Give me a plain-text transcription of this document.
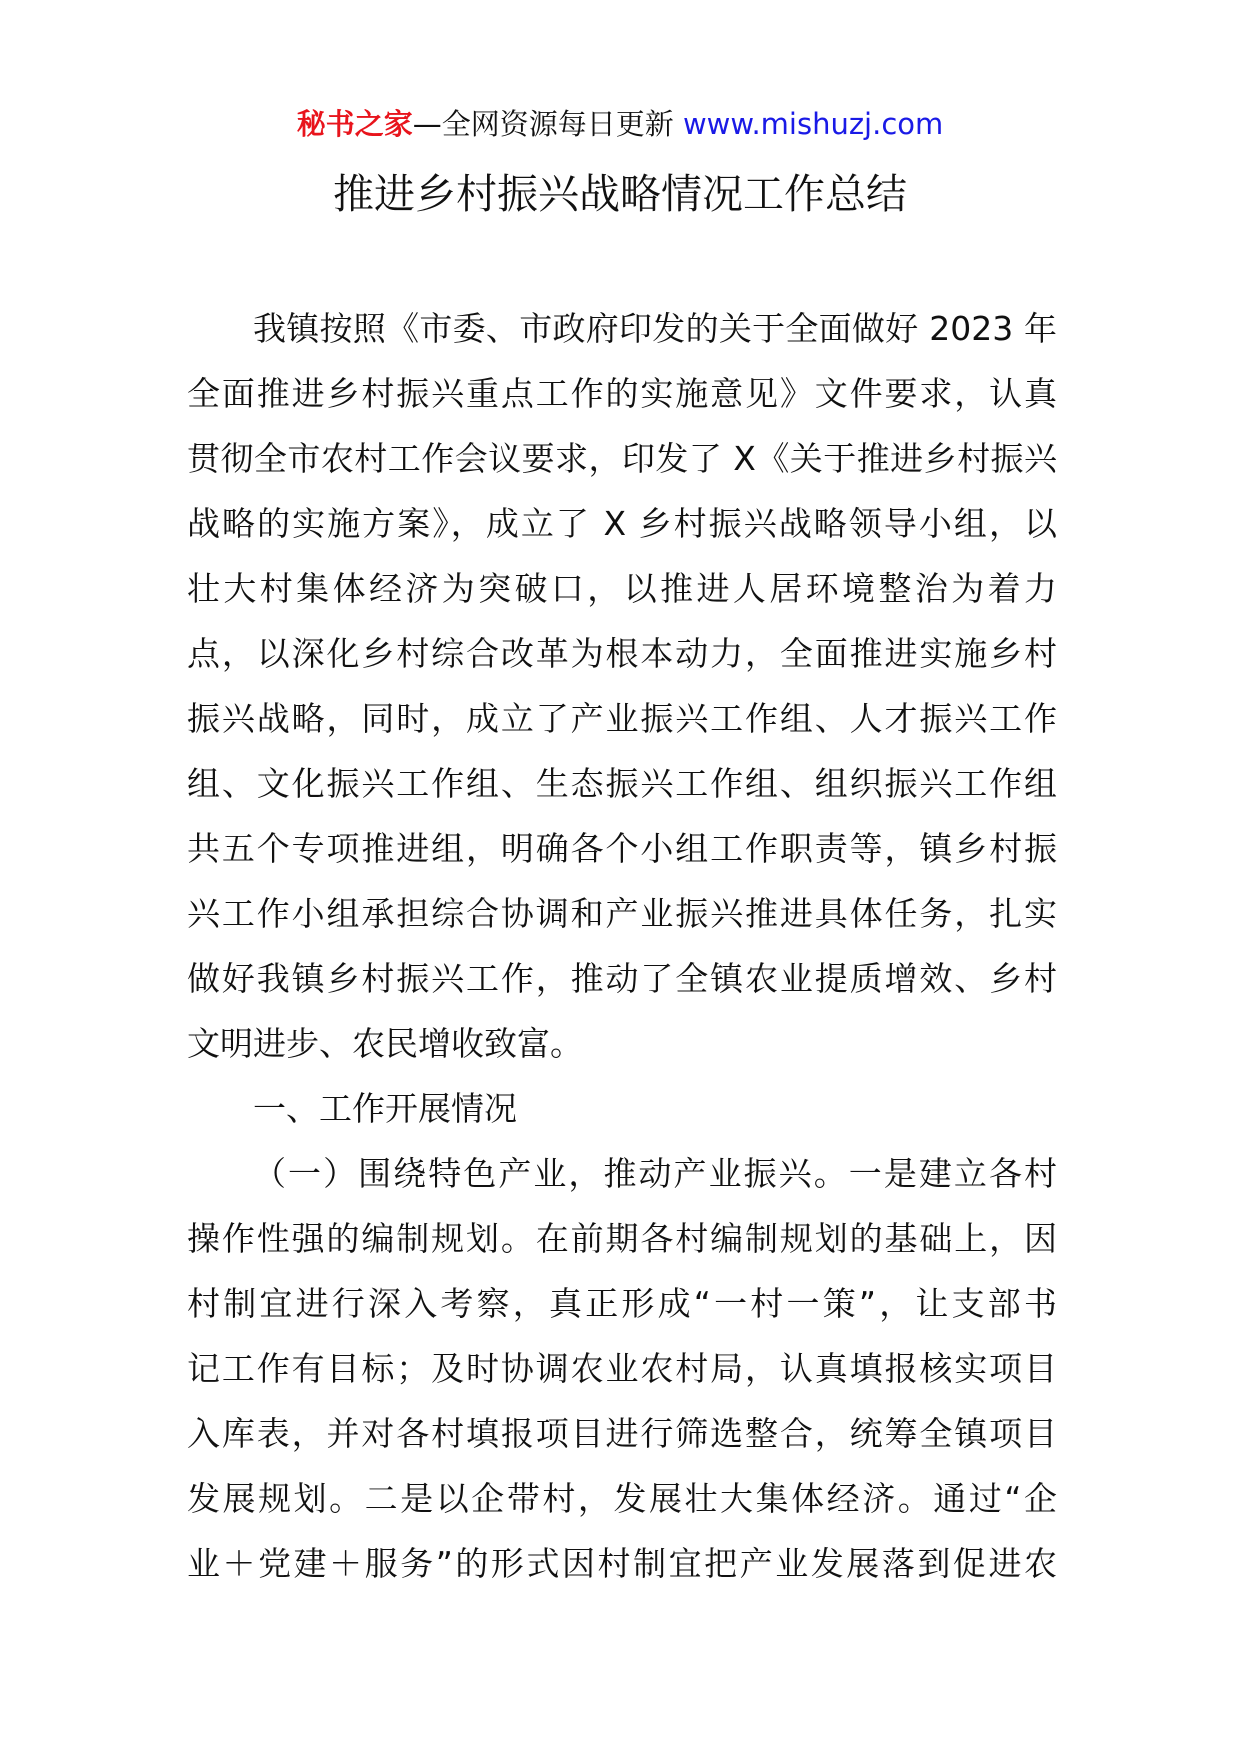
秘书之家—全网资源每日更新 www.mishuzj.com
推进乡村振兴战略情况工作总结

我镇按照《市委、市政府印发的关于全面做好 2023 年

全面推进乡村振兴重点工作的实施意见》文件要求，认真

贯彻全市农村工作会议要求，印发了 X《关于推进乡村振兴

战略的实施方案》，成立了 X 乡村振兴战略领导小组，以

壮大村集体经济为突破口，以推进人居环境整治为着力

点，以深化乡村综合改革为根本动力，全面推进实施乡村

振兴战略，同时，成立了产业振兴工作组、人才振兴工作

组、文化振兴工作组、生态振兴工作组、组织振兴工作组

共五个专项推进组，明确各个小组工作职责等，镇乡村振

兴工作小组承担综合协调和产业振兴推进具体任务，扎实

做好我镇乡村振兴工作，推动了全镇农业提质增效、乡村

文明进步、农民增收致富。

一、工作开展情况

（一）围绕特色产业，推动产业振兴。一是建立各村

操作性强的编制规划。在前期各村编制规划的基础上，因

村制宜进行深入考察，真正形成“一村一策”，让支部书

记工作有目标；及时协调农业农村局，认真填报核实项目

入库表，并对各村填报项目进行筛选整合，统筹全镇项目

发展规划。二是以企带村，发展壮大集体经济。通过“企

业＋党建＋服务”的形式因村制宜把产业发展落到促进农
